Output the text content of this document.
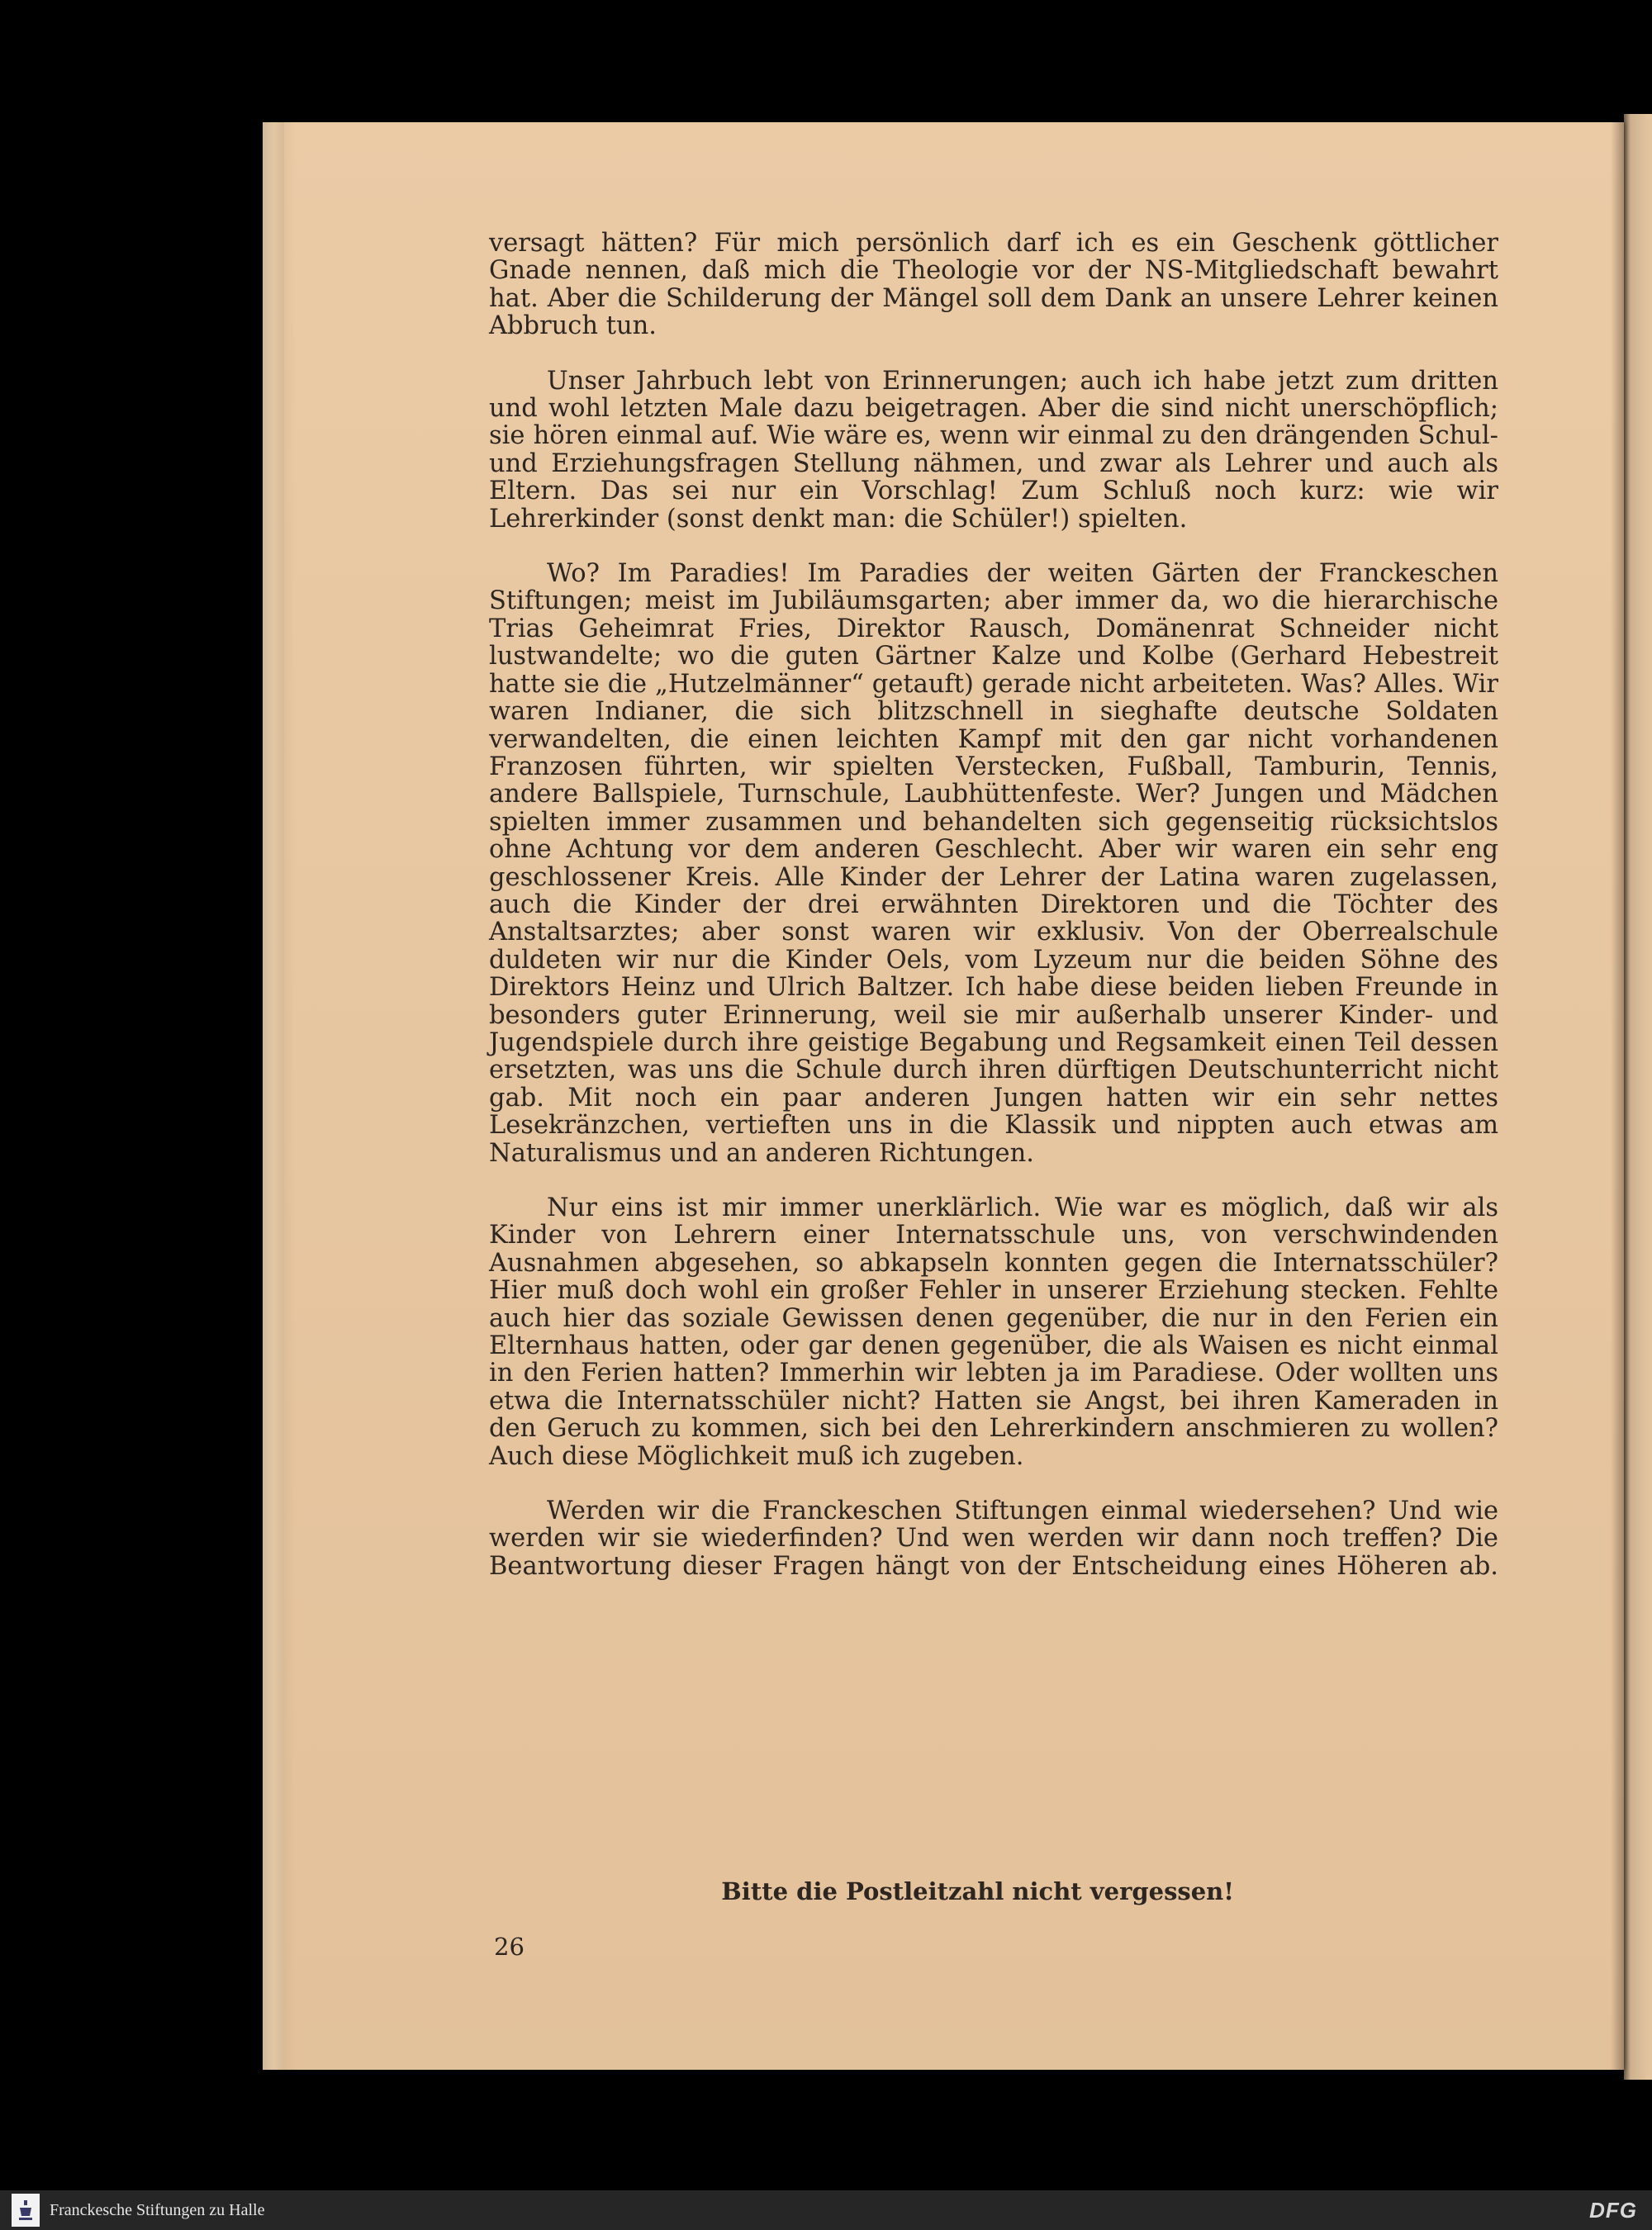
versagt hätten? Für mich persönlich darf ich es ein Geschenk göttlicher Gnade nennen, daß mich die Theologie vor der NS-Mitgliedschaft bewahrt hat. Aber die Schilderung der Mängel soll dem Dank an unsere Lehrer keinen Abbruch tun.

Unser Jahrbuch lebt von Erinnerungen; auch ich habe jetzt zum dritten und wohl letzten Male dazu beigetragen. Aber die sind nicht unerschöpflich; sie hören einmal auf. Wie wäre es, wenn wir einmal zu den drängenden Schul- und Erziehungsfragen Stellung nähmen, und zwar als Lehrer und auch als Eltern. Das sei nur ein Vorschlag! Zum Schluß noch kurz: wie wir Lehrerkinder (sonst denkt man: die Schüler!) spielten.

Wo? Im Paradies! Im Paradies der weiten Gärten der Franckeschen Stiftungen; meist im Jubiläumsgarten; aber immer da, wo die hierarchische Trias Geheimrat Fries, Direktor Rausch, Domänenrat Schneider nicht lustwandelte; wo die guten Gärtner Kalze und Kolbe (Gerhard Hebestreit hatte sie die „Hutzelmänner“ getauft) gerade nicht arbeiteten. Was? Alles. Wir waren Indianer, die sich blitzschnell in sieghafte deutsche Soldaten verwandelten, die einen leichten Kampf mit den gar nicht vorhandenen Franzosen führten, wir spielten Verstecken, Fußball, Tamburin, Tennis, andere Ballspiele, Turnschule, Laubhüttenfeste. Wer? Jungen und Mädchen spielten immer zusammen und behandelten sich gegenseitig rücksichtslos ohne Achtung vor dem anderen Geschlecht. Aber wir waren ein sehr eng geschlossener Kreis. Alle Kinder der Lehrer der Latina waren zugelassen, auch die Kinder der drei erwähnten Direktoren und die Töchter des Anstaltsarztes; aber sonst waren wir exklusiv. Von der Oberrealschule duldeten wir nur die Kinder Oels, vom Lyzeum nur die beiden Söhne des Direktors Heinz und Ulrich Baltzer. Ich habe diese beiden lieben Freunde in besonders guter Erinnerung, weil sie mir außerhalb unserer Kinder- und Jugendspiele durch ihre geistige Begabung und Regsamkeit einen Teil dessen ersetzten, was uns die Schule durch ihren dürftigen Deutschunterricht nicht gab. Mit noch ein paar anderen Jungen hatten wir ein sehr nettes Lesekränzchen, vertieften uns in die Klassik und nippten auch etwas am Naturalismus und an anderen Richtungen.

Nur eins ist mir immer unerklärlich. Wie war es möglich, daß wir als Kinder von Lehrern einer Internatsschule uns, von verschwindenden Ausnahmen abgesehen, so abkapseln konnten gegen die Internatsschüler? Hier muß doch wohl ein großer Fehler in unserer Erziehung stecken. Fehlte auch hier das soziale Gewissen denen gegenüber, die nur in den Ferien ein Elternhaus hatten, oder gar denen gegenüber, die als Waisen es nicht einmal in den Ferien hatten? Immerhin wir lebten ja im Paradiese. Oder wollten uns etwa die Internatsschüler nicht? Hatten sie Angst, bei ihren Kameraden in den Geruch zu kommen, sich bei den Lehrerkindern anschmieren zu wollen? Auch diese Möglichkeit muß ich zugeben.

Werden wir die Franckeschen Stiftungen einmal wiedersehen? Und wie werden wir sie wiederfinden? Und wen werden wir dann noch treffen? Die Beantwortung dieser Fragen hängt von der Entscheidung eines Höheren ab.

Bitte die Postleitzahl nicht vergessen!
26
Franckesche Stiftungen zu Halle	DFG
